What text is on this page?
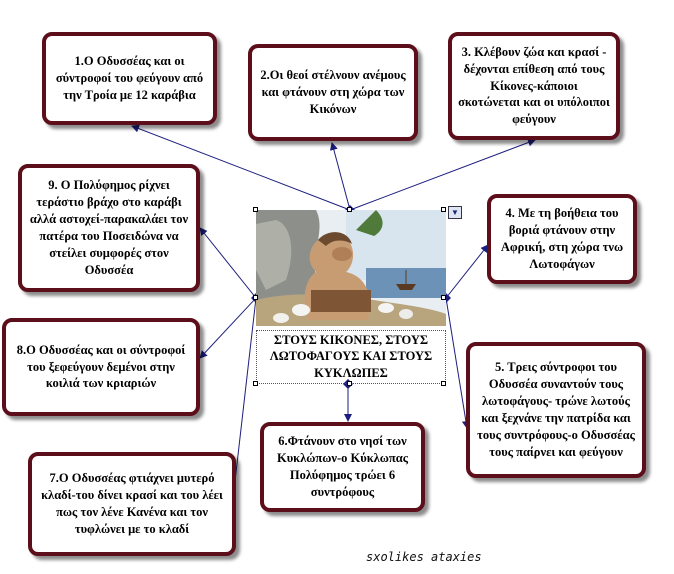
ΣΤΟΥΣ ΚΙΚΟΝΕΣ, ΣΤΟΥΣ ΛΩΤΟΦΑΓΟΥΣ ΚΑΙ ΣΤΟΥΣ ΚΥΚΛΩΠΕΣ
▼
1.Ο Οδυσσέας και οι σύντροφοί του φεύγουν από την Τροία με 12 καράβια
2.Οι θεοί στέλνουν ανέμους και φτάνουν στη χώρα των Κικόνων
3. Κλέβουν ζώα και κρασί - δέχονται επίθεση από τους Κίκονες-κάποιοι σκοτώνεται και οι υπόλοιποι φεύγουν
4. Με τη βοήθεια του βοριά φτάνουν στην Αφρική, στη χώρα τνω Λωτοφάγων
5. Τρεις σύντροφοι του Οδυσσέα συναντούν τους λωτοφάγους- τρώνε λωτούς και ξεχνάνε την πατρίδα και τους συντρόφους-ο Οδυσσέας τους παίρνει και φεύγουν
6.Φτάνουν στο νησί των Κυκλώπων-ο Κύκλωπας Πολύφημος τρώει 6 συντρόφους
7.Ο Οδυσσέας φτιάχνει μυτερό κλαδί-του δίνει κρασί και του λέει πως τον λένε Κανένα και τον τυφλώνει με το κλαδί
8.Ο Οδυσσέας και οι σύντροφοί του ξεφεύγουν δεμένοι στην κοιλιά των κριαριών
9. Ο Πολύφημος ρίχνει τεράστιο βράχο στο καράβι αλλά αστοχεί-παρακαλάει τον πατέρα του Ποσειδώνα να στείλει συμφορές στον Οδυσσέα
sxolikes ataxies
